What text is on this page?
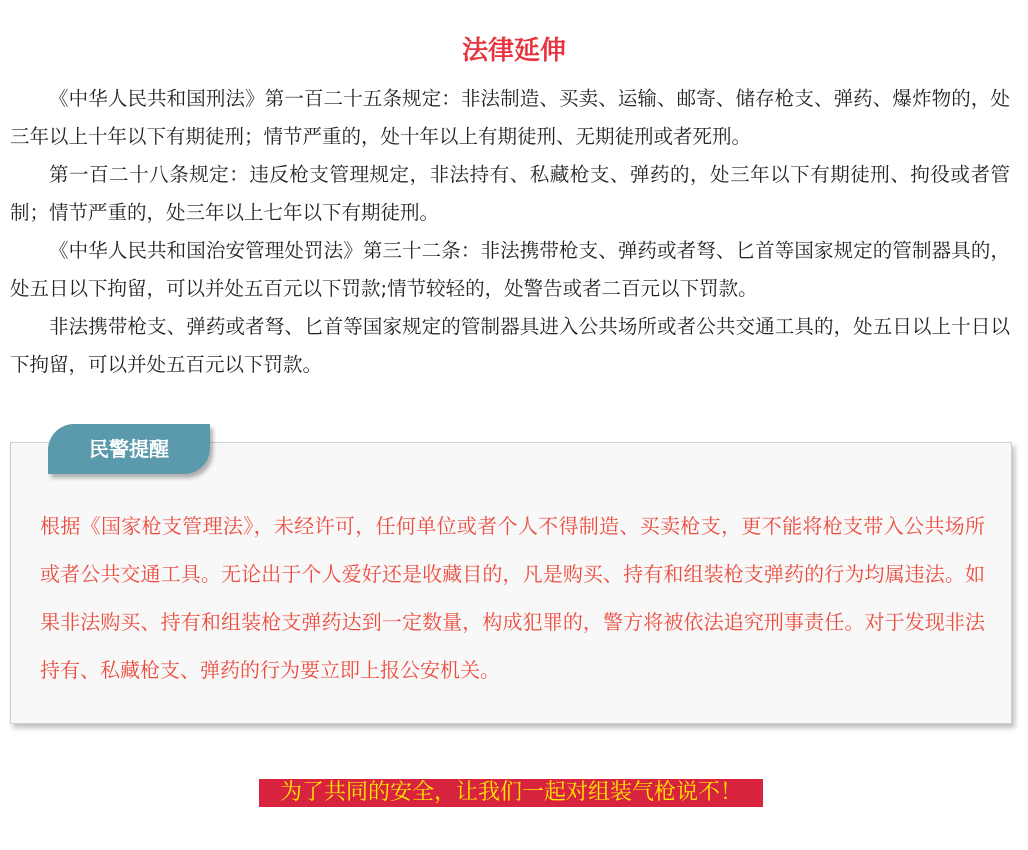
法律延伸

《中华人民共和国刑法》第一百二十五条规定：非法制造、买卖、运输、邮寄、储存枪支、弹药、爆炸物的，处三年以上十年以下有期徒刑；情节严重的，处十年以上有期徒刑、无期徒刑或者死刑。

第一百二十八条规定：违反枪支管理规定，非法持有、私藏枪支、弹药的，处三年以下有期徒刑、拘役或者管制；情节严重的，处三年以上七年以下有期徒刑。

《中华人民共和国治安管理处罚法》第三十二条：非法携带枪支、弹药或者弩、匕首等国家规定的管制器具的，处五日以下拘留，可以并处五百元以下罚款;情节较轻的，处警告或者二百元以下罚款。

非法携带枪支、弹药或者弩、匕首等国家规定的管制器具进入公共场所或者公共交通工具的，处五日以上十日以下拘留，可以并处五百元以下罚款。

民警提醒
根据《国家枪支管理法》，未经许可，任何单位或者个人不得制造、买卖枪支，更不能将枪支带入公共场所或者公共交通工具。无论出于个人爱好还是收藏目的，凡是购买、持有和组装枪支弹药的行为均属违法。如果非法购买、持有和组装枪支弹药达到一定数量，构成犯罪的，警方将被依法追究刑事责任。对于发现非法持有、私藏枪支、弹药的行为要立即上报公安机关。
为了共同的安全，让我们一起对组装气枪说不！
